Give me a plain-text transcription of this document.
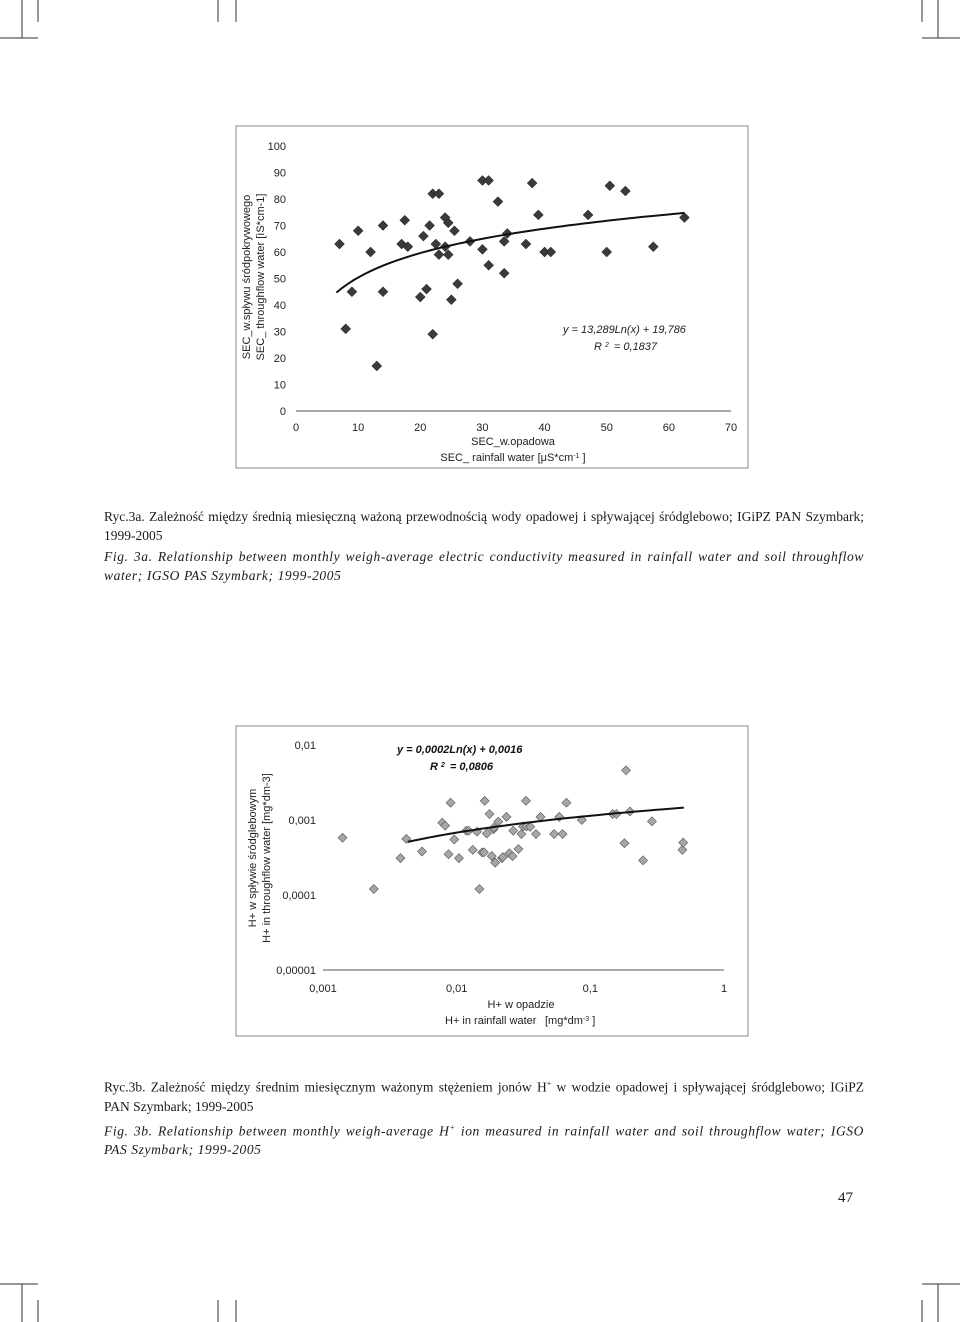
0	10	20	30	40	50	60	70
0
10
20
30
40
50
60
70
80
90
100
SEC_w.spływu śródpokrywowego SEC_ throughflow water [ìS*cm-1]
SEC_w.opadowa
SEC_ rainfall water [$\mu S*cm^{-1}$ ]
y = 13,289Ln(x) + 19,786
R $^2$ = 0,1837
0,001	0,01	0,1	1
0,00001
0,0001
0,001
0,01
H+ w spływie śródglebowym H+ in throughflow water [mg*dm-3]
H+ w opadzie
H+ in rainfall water [$mg*dm^{-3}$ ]
y = 0,0002Ln(x) + 0,0016
R $^2$ = 0,0806

Ryc.3a. Zależność między średnią miesięczną ważoną przewodnością wody opadowej i spływającej śródglebowo; IGiPZ PAN Szymbark; 1999-2005

Fig. 3a. Relationship between monthly weigh-average electric conductivity measured in rainfall water and soil throughflow water; IGSO PAS Szymbark; 1999-2005

Ryc.3b. Zależność między średnim miesięcznym ważonym stężeniem jonów H+ w wodzie opadowej i spływającej śródglebowo; IGiPZ PAN Szymbark; 1999-2005

Fig. 3b. Relationship between monthly weigh-average H+ ion measured in rainfall water and soil throughflow water; IGSO PAS Szymbark; 1999-2005

47
